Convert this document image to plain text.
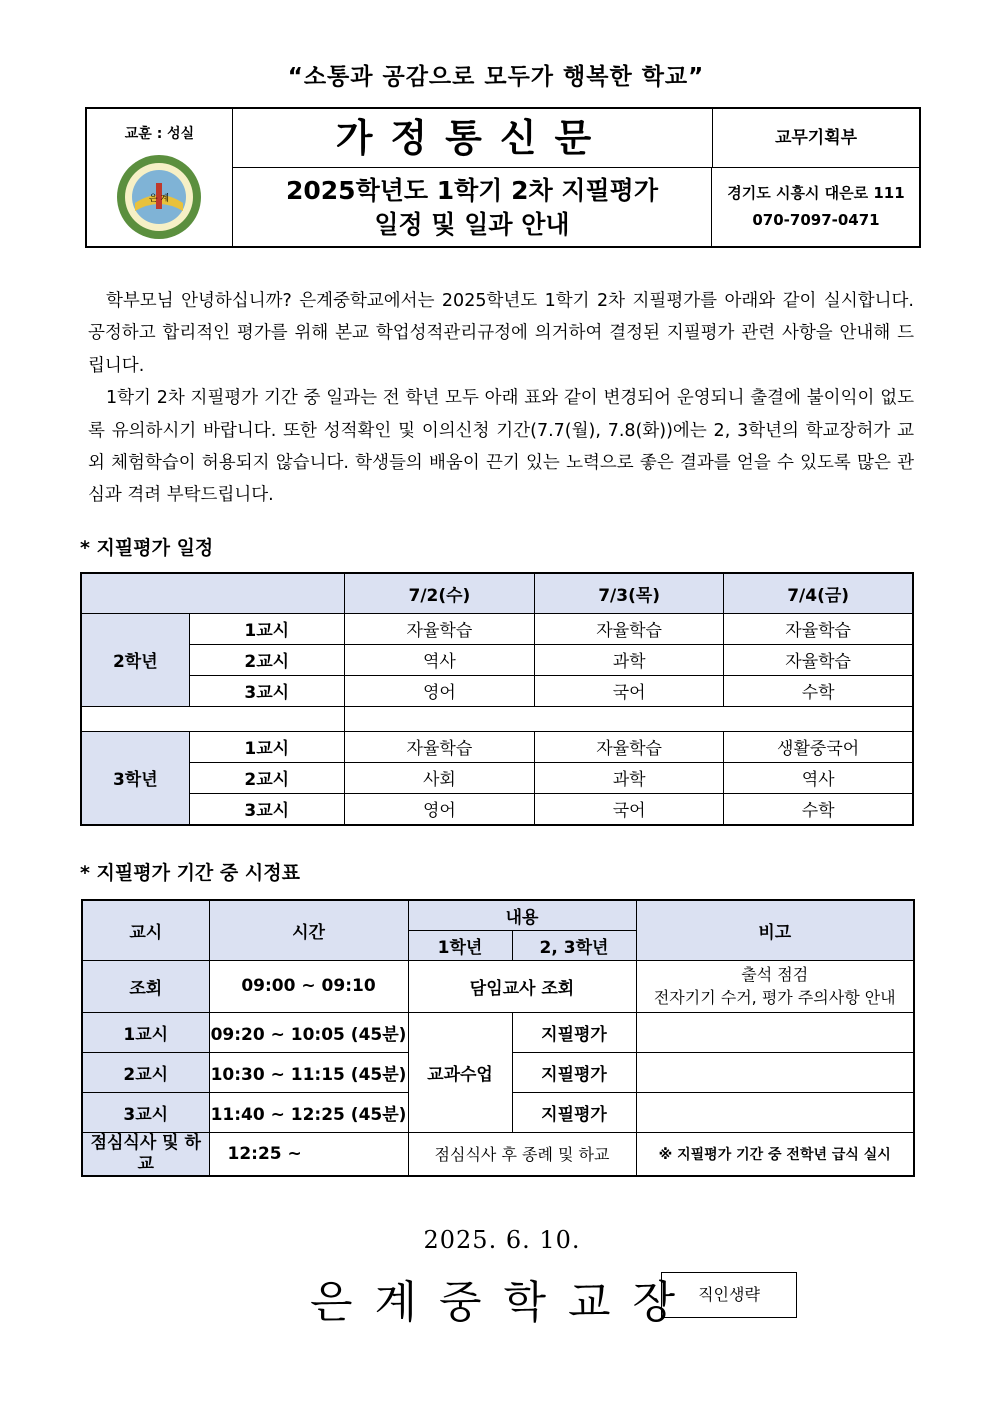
“소통과 공감으로 모두가 행복한 학교”
교훈 : 성실
은 계
가정통신문
2025학년도 1학기 2차 지필평가
일정 및 일과 안내
교무기획부
경기도 시흥시 대은로 111
070-7097-0471

학부모님 안녕하십니까? 은계중학교에서는 2025학년도 1학기 2차 지필평가를 아래와 같이 실시합니다. 공정하고 합리적인 평가를 위해 본교 학업성적관리규정에 의거하여 결정된 지필평가 관련 사항을 안내해 드립니다.

1학기 2차 지필평가 기간 중 일과는 전 학년 모두 아래 표와 같이 변경되어 운영되니 출결에 불이익이 없도록 유의하시기 바랍니다. 또한 성적확인 및 이의신청 기간(7.7(월), 7.8(화))에는 2, 3학년의 학교장허가 교외 체험학습이 허용되지 않습니다. 학생들의 배움이 끈기 있는 노력으로 좋은 결과를 얻을 수 있도록 많은 관심과 격려 부탁드립니다.

* 지필평가 일정
		7/2(수)	7/3(목)	7/4(금)
2학년	1교시	자율학습	자율학습	자율학습
	2교시	역사	과학	자율학습
	3교시	영어	국어	수학

3학년	1교시	자율학습	자율학습	생활중국어
	2교시	사회	과학	역사
	3교시	영어	국어	수학
* 지필평가 기간 중 시정표
교시	시간	내용		비고
		1학년	2, 3학년	
조회	09:00 ~ 09:10	담임교사 조회		출석 점검
전자기기 수거, 평가 주의사항 안내

1교시	09:20 ~ 10:05 (45분)	교과수업	지필평가	
2교시	10:30 ~ 11:15 (45분)		지필평가	
3교시	11:40 ~ 12:25 (45분)		지필평가	
점심식사 및 하교	12:25 ~	점심식사 후 종례 및 하교		※ 지필평가 기간 중 전학년 급식 실시
2025. 6. 10.
은계중학교장 직인생략
